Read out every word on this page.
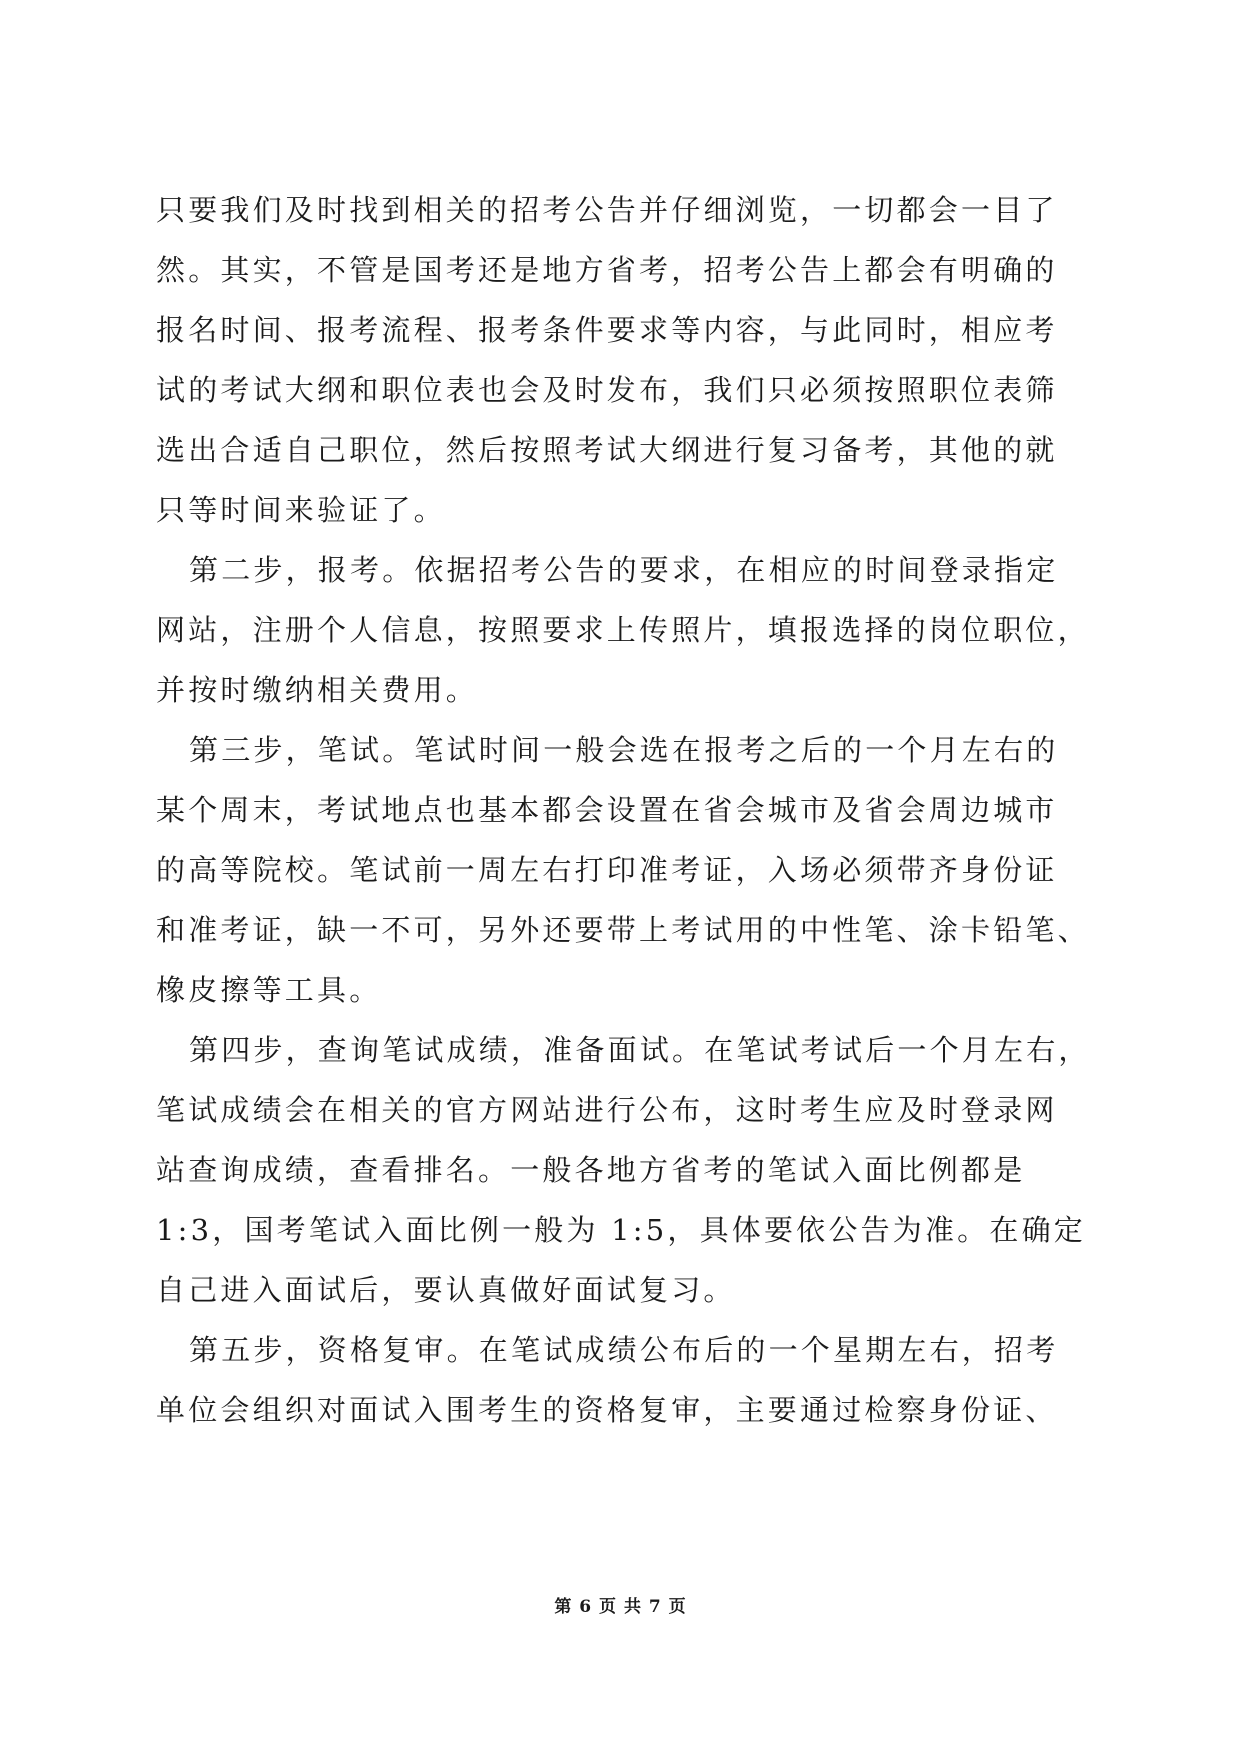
只要我们及时找到相关的招考公告并仔细浏览，一切都会一目了
然。其实，不管是国考还是地方省考，招考公告上都会有明确的
报名时间、报考流程、报考条件要求等内容，与此同时，相应考
试的考试大纲和职位表也会及时发布，我们只必须按照职位表筛
选出合适自己职位，然后按照考试大纲进行复习备考，其他的就
只等时间来验证了。
第二步，报考。依据招考公告的要求，在相应的时间登录指定
网站，注册个人信息，按照要求上传照片，填报选择的岗位职位，
并按时缴纳相关费用。
第三步，笔试。笔试时间一般会选在报考之后的一个月左右的
某个周末，考试地点也基本都会设置在省会城市及省会周边城市
的高等院校。笔试前一周左右打印准考证，入场必须带齐身份证
和准考证，缺一不可，另外还要带上考试用的中性笔、涂卡铅笔、
橡皮擦等工具。
第四步，查询笔试成绩，准备面试。在笔试考试后一个月左右，
笔试成绩会在相关的官方网站进行公布，这时考生应及时登录网
站查询成绩，查看排名。一般各地方省考的笔试入面比例都是
1:3，国考笔试入面比例一般为 1:5，具体要依公告为准。在确定
自己进入面试后，要认真做好面试复习。
第五步，资格复审。在笔试成绩公布后的一个星期左右，招考
单位会组织对面试入围考生的资格复审，主要通过检察身份证、
第 6 页 共 7 页
